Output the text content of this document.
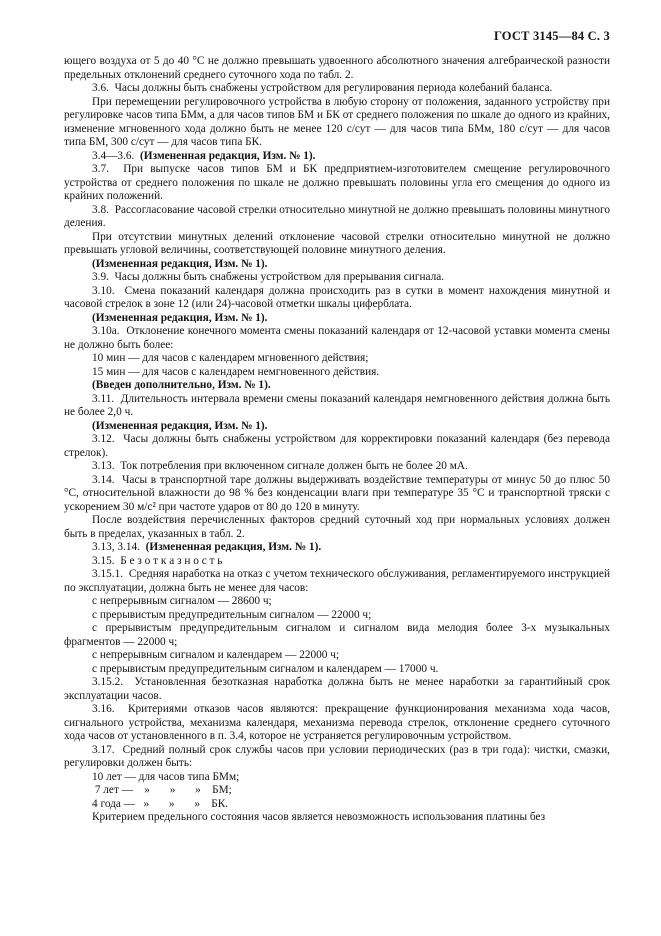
ГОСТ 3145—84 С. 3

ющего воздуха от 5 до 40 °С не должно превышать удвоенного абсолютного значения алгебраической разности предельных отклонений среднего суточного хода по табл. 2.

3.6.  Часы должны быть снабжены устройством для регулирования периода колебаний баланса.

При перемещении регулировочного устройства в любую сторону от положения, заданного устройству при регулировке часов типа БМм, а для часов типов БМ и БК от среднего положения по шкале до одного из крайних, изменение мгновенного хода должно быть не менее 120 с/сут — для часов типа БМм, 180 с/сут — для часов типа БМ, 300 с/сут — для часов типа БК.

3.4—3.6.  (Измененная редакция, Изм. № 1).

3.7.  При выпуске часов типов БМ и БК предприятием-изготовителем смещение регулировочного устройства от среднего положения по шкале не должно превышать половины угла его смещения до одного из крайних положений.

3.8.  Рассогласование часовой стрелки относительно минутной не должно превышать половины минутного деления.

При отсутствии минутных делений отклонение часовой стрелки относительно минутной не должно превышать угловой величины, соответствующей половине минутного деления.

(Измененная редакция, Изм. № 1).

3.9.  Часы должны быть снабжены устройством для прерывания сигнала.

3.10.  Смена показаний календаря должна происходить раз в сутки в момент нахождения минутной и часовой стрелок в зоне 12 (или 24)-часовой отметки шкалы циферблата.

(Измененная редакция, Изм. № 1).

3.10а.  Отклонение конечного момента смены показаний календаря от 12-часовой уставки момента смены не должно быть более:

10 мин — для часов с календарем мгновенного действия;

15 мин — для часов с календарем немгновенного действия.

(Введен дополнительно, Изм. № 1).

3.11.  Длительность интервала времени смены показаний календаря немгновенного действия должна быть не более 2,0 ч.

(Измененная редакция, Изм. № 1).

3.12.  Часы должны быть снабжены устройством для корректировки показаний календаря (без перевода стрелок).

3.13.  Ток потребления при включенном сигнале должен быть не более 20 мА.

3.14.  Часы в транспортной таре должны выдерживать воздействие температуры от минус 50 до плюс 50 °С, относительной влажности до 98 % без конденсации влаги при температуре 35 °С и транспортной тряски с ускорением 30 м/с² при частоте ударов от 80 до 120 в минуту.

После воздействия перечисленных факторов средний суточный ход при нормальных условиях должен быть в пределах, указанных в табл. 2.

3.13, 3.14.  (Измененная редакция, Изм. № 1).

3.15.  Б е з о т к а з н о с т ь

3.15.1.  Средняя наработка на отказ с учетом технического обслуживания, регламентируемого инструкцией по эксплуатации, должна быть не менее для часов:

с непрерывным сигналом — 28600 ч;

с прерывистым предупредительным сигналом — 22000 ч;

с прерывистым предупредительным сигналом и сигналом вида мелодия более 3-х музыкальных фрагментов — 22000 ч;

с непрерывным сигналом и календарем — 22000 ч;

с прерывистым предупредительным сигналом и календарем — 17000 ч.

3.15.2.  Установленная безотказная наработка должна быть не менее наработки за гарантийный срок эксплуатации часов.

3.16.  Критериями отказов часов являются: прекращение функционирования механизма хода часов, сигнального устройства, механизма календаря, механизма перевода стрелок, отклонение среднего суточного хода часов от установленного в п. 3.4, которое не устраняется регулировочным устройством.

3.17.  Средний полный срок службы часов при условии периодических (раз в три года): чистки, смазки, регулировки должен быть:

10 лет — для часов типа БМм;

7 лет —    »       »       »    БМ;

4 года —   »       »       »    БК.

Критерием предельного состояния часов является невозможность использования платины без
